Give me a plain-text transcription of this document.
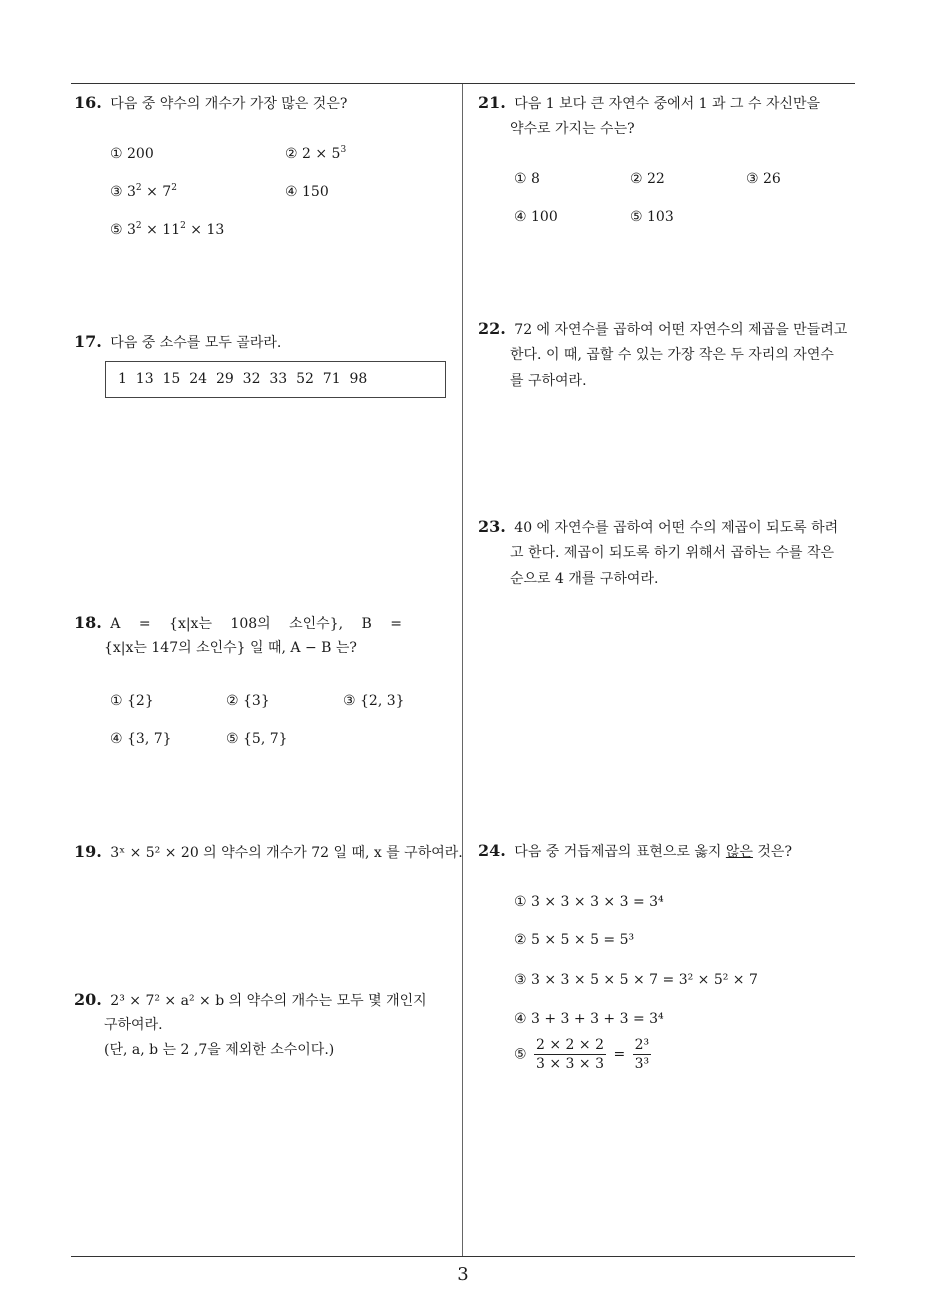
16. 다음 중 약수의 개수가 가장 많은 것은?
① 200	② $2 \times 5^3$
③ $3^2 \times 7^2$	④ 150
⑤ $3^2 \times 11^2 \times 13$
17. 다음 중 소수를 모두 골라라.
1  13  15  24  29  32  33  52  71  98
18. A = {x|x는 108의 소인수}, B =
{x|x는 147의 소인수} 일 때, A − B 는?
① {2}	② {3}	③ {2, 3}
④ {3, 7}	⑤ {5, 7}
19. 3ˣ × 5² × 20 의 약수의 개수가 72 일 때, x 를 구하여라.
20. 2³ × 7² × a² × b 의 약수의 개수는 모두 몇 개인지
구하여라.
(단, a, b 는 2 ,7을 제외한 소수이다.)
21. 다음 1 보다 큰 자연수 중에서 1 과 그 수 자신만을
약수로 가지는 수는?
① 8	② 22	③ 26
④ 100	⑤ 103
22. 72 에 자연수를 곱하여 어떤 자연수의 제곱을 만들려고
한다. 이 때, 곱할 수 있는 가장 작은 두 자리의 자연수
를 구하여라.
23. 40 에 자연수를 곱하여 어떤 수의 제곱이 되도록 하려
고 한다. 제곱이 되도록 하기 위해서 곱하는 수를 작은
순으로 4 개를 구하여라.
24. 다음 중 거듭제곱의 표현으로 옳지 않은 것은?
① 3 × 3 × 3 × 3 = 3⁴
② 5 × 5 × 5 = 5³
③ 3 × 3 × 5 × 5 × 7 = 3² × 5² × 7
④ 3 + 3 + 3 + 3 = 3⁴
⑤ $\frac{2 \times 2 \times 2}{3 \times 3 \times 3} = \frac{\text{2³}}{\text{3³}}$
3
